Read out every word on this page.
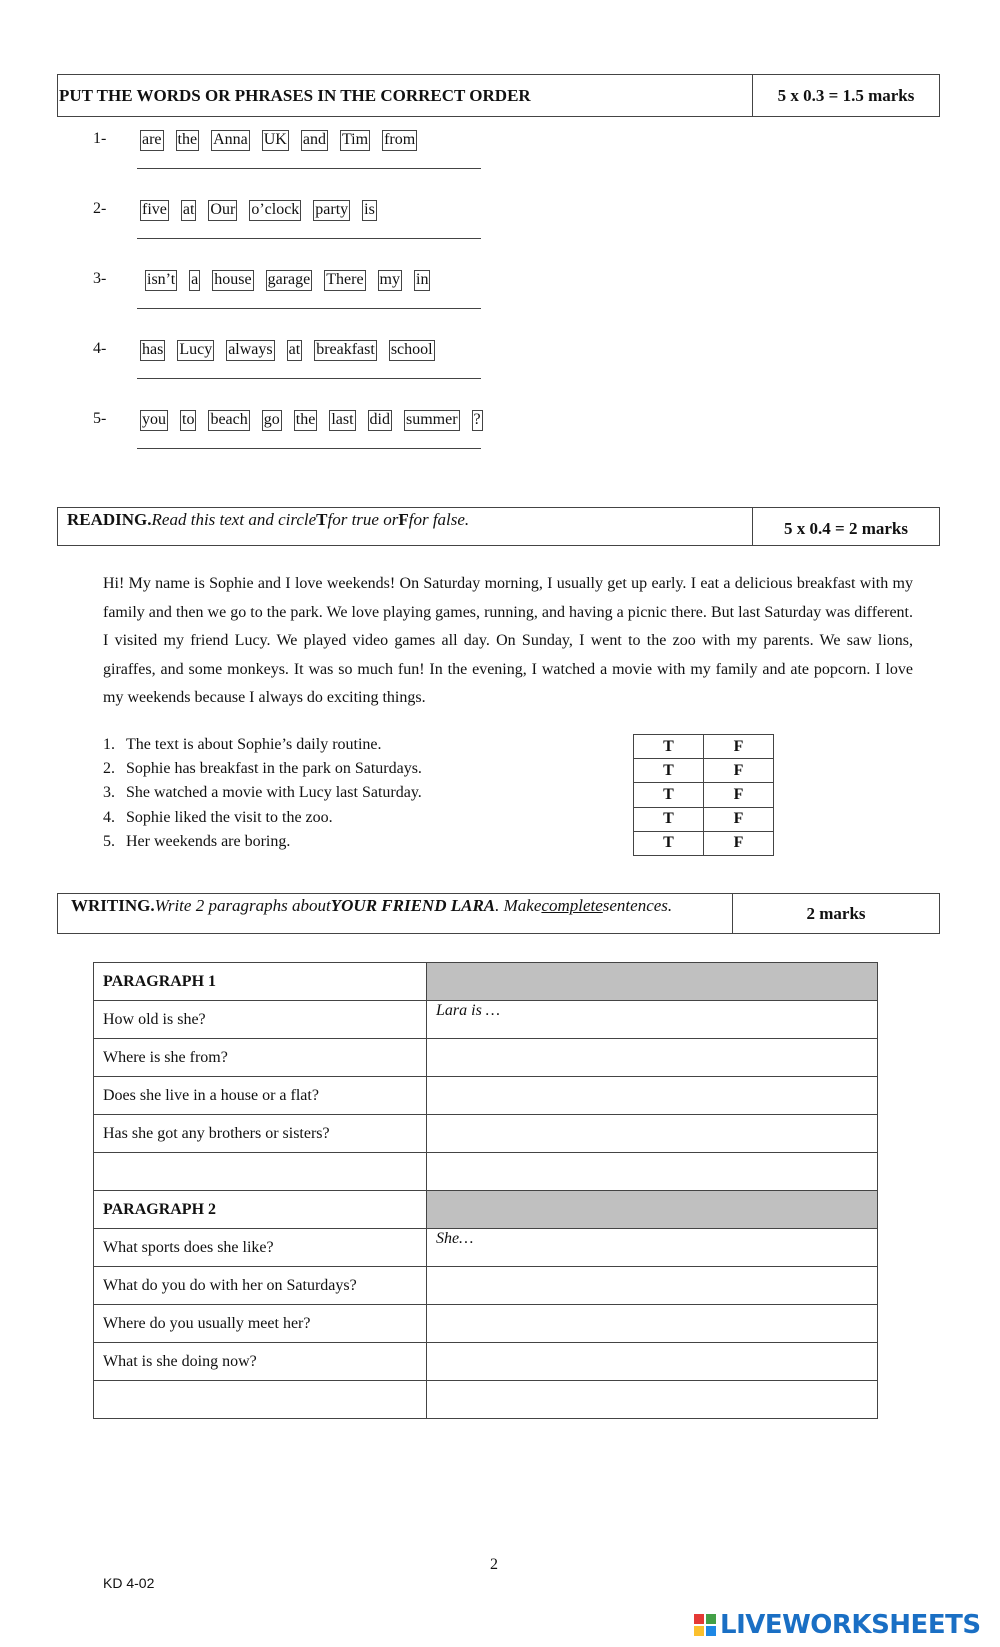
PUT THE WORDS OR PHRASES IN THE CORRECT ORDER	5 x 0.3 = 1.5 marks
1- are the Anna UK and Tim from
2- five at Our o’clock party is
3-	isn’t a house garage There my in
4- has Lucy always at breakfast school
5- you to beach go the last did summer ?
READING. Read this text and circle T for true or F for false.	5 x 0.4 = 2 marks

Hi! My name is Sophie and I love weekends! On Saturday morning, I usually get up early. I eat a delicious breakfast with my family and then we go to the park. We love playing games, running, and having a picnic there. But last Saturday was different. I visited my friend Lucy. We played video games all day. On Sunday, I went to the zoo with my parents. We saw lions, giraffes, and some monkeys. It was so much fun! In the evening, I watched a movie with my family and ate popcorn. I love my weekends because I always do exciting things.

1. The text is about Sophie’s daily routine.
2. Sophie has breakfast in the park on Saturdays.
3. She watched a movie with Lucy last Saturday.
4. Sophie liked the visit to the zoo.
5. Her weekends are boring.
T	F
T	F
T	F
T	F
T	F
WRITING. Write 2 paragraphs about YOUR FRIEND LARA . Make complete sentences.	2 marks
PARAGRAPH 1	
How old is she?	Lara is …
Where is she from?	
Does she live in a house or a flat?	
Has she got any brothers or sisters?	

PARAGRAPH 2	
What sports does she like?	She…
What do you do with her on Saturdays?	
Where do you usually meet her?	
What is she doing now?	

2
KD 4-02
LIVEWORKSHEETS
